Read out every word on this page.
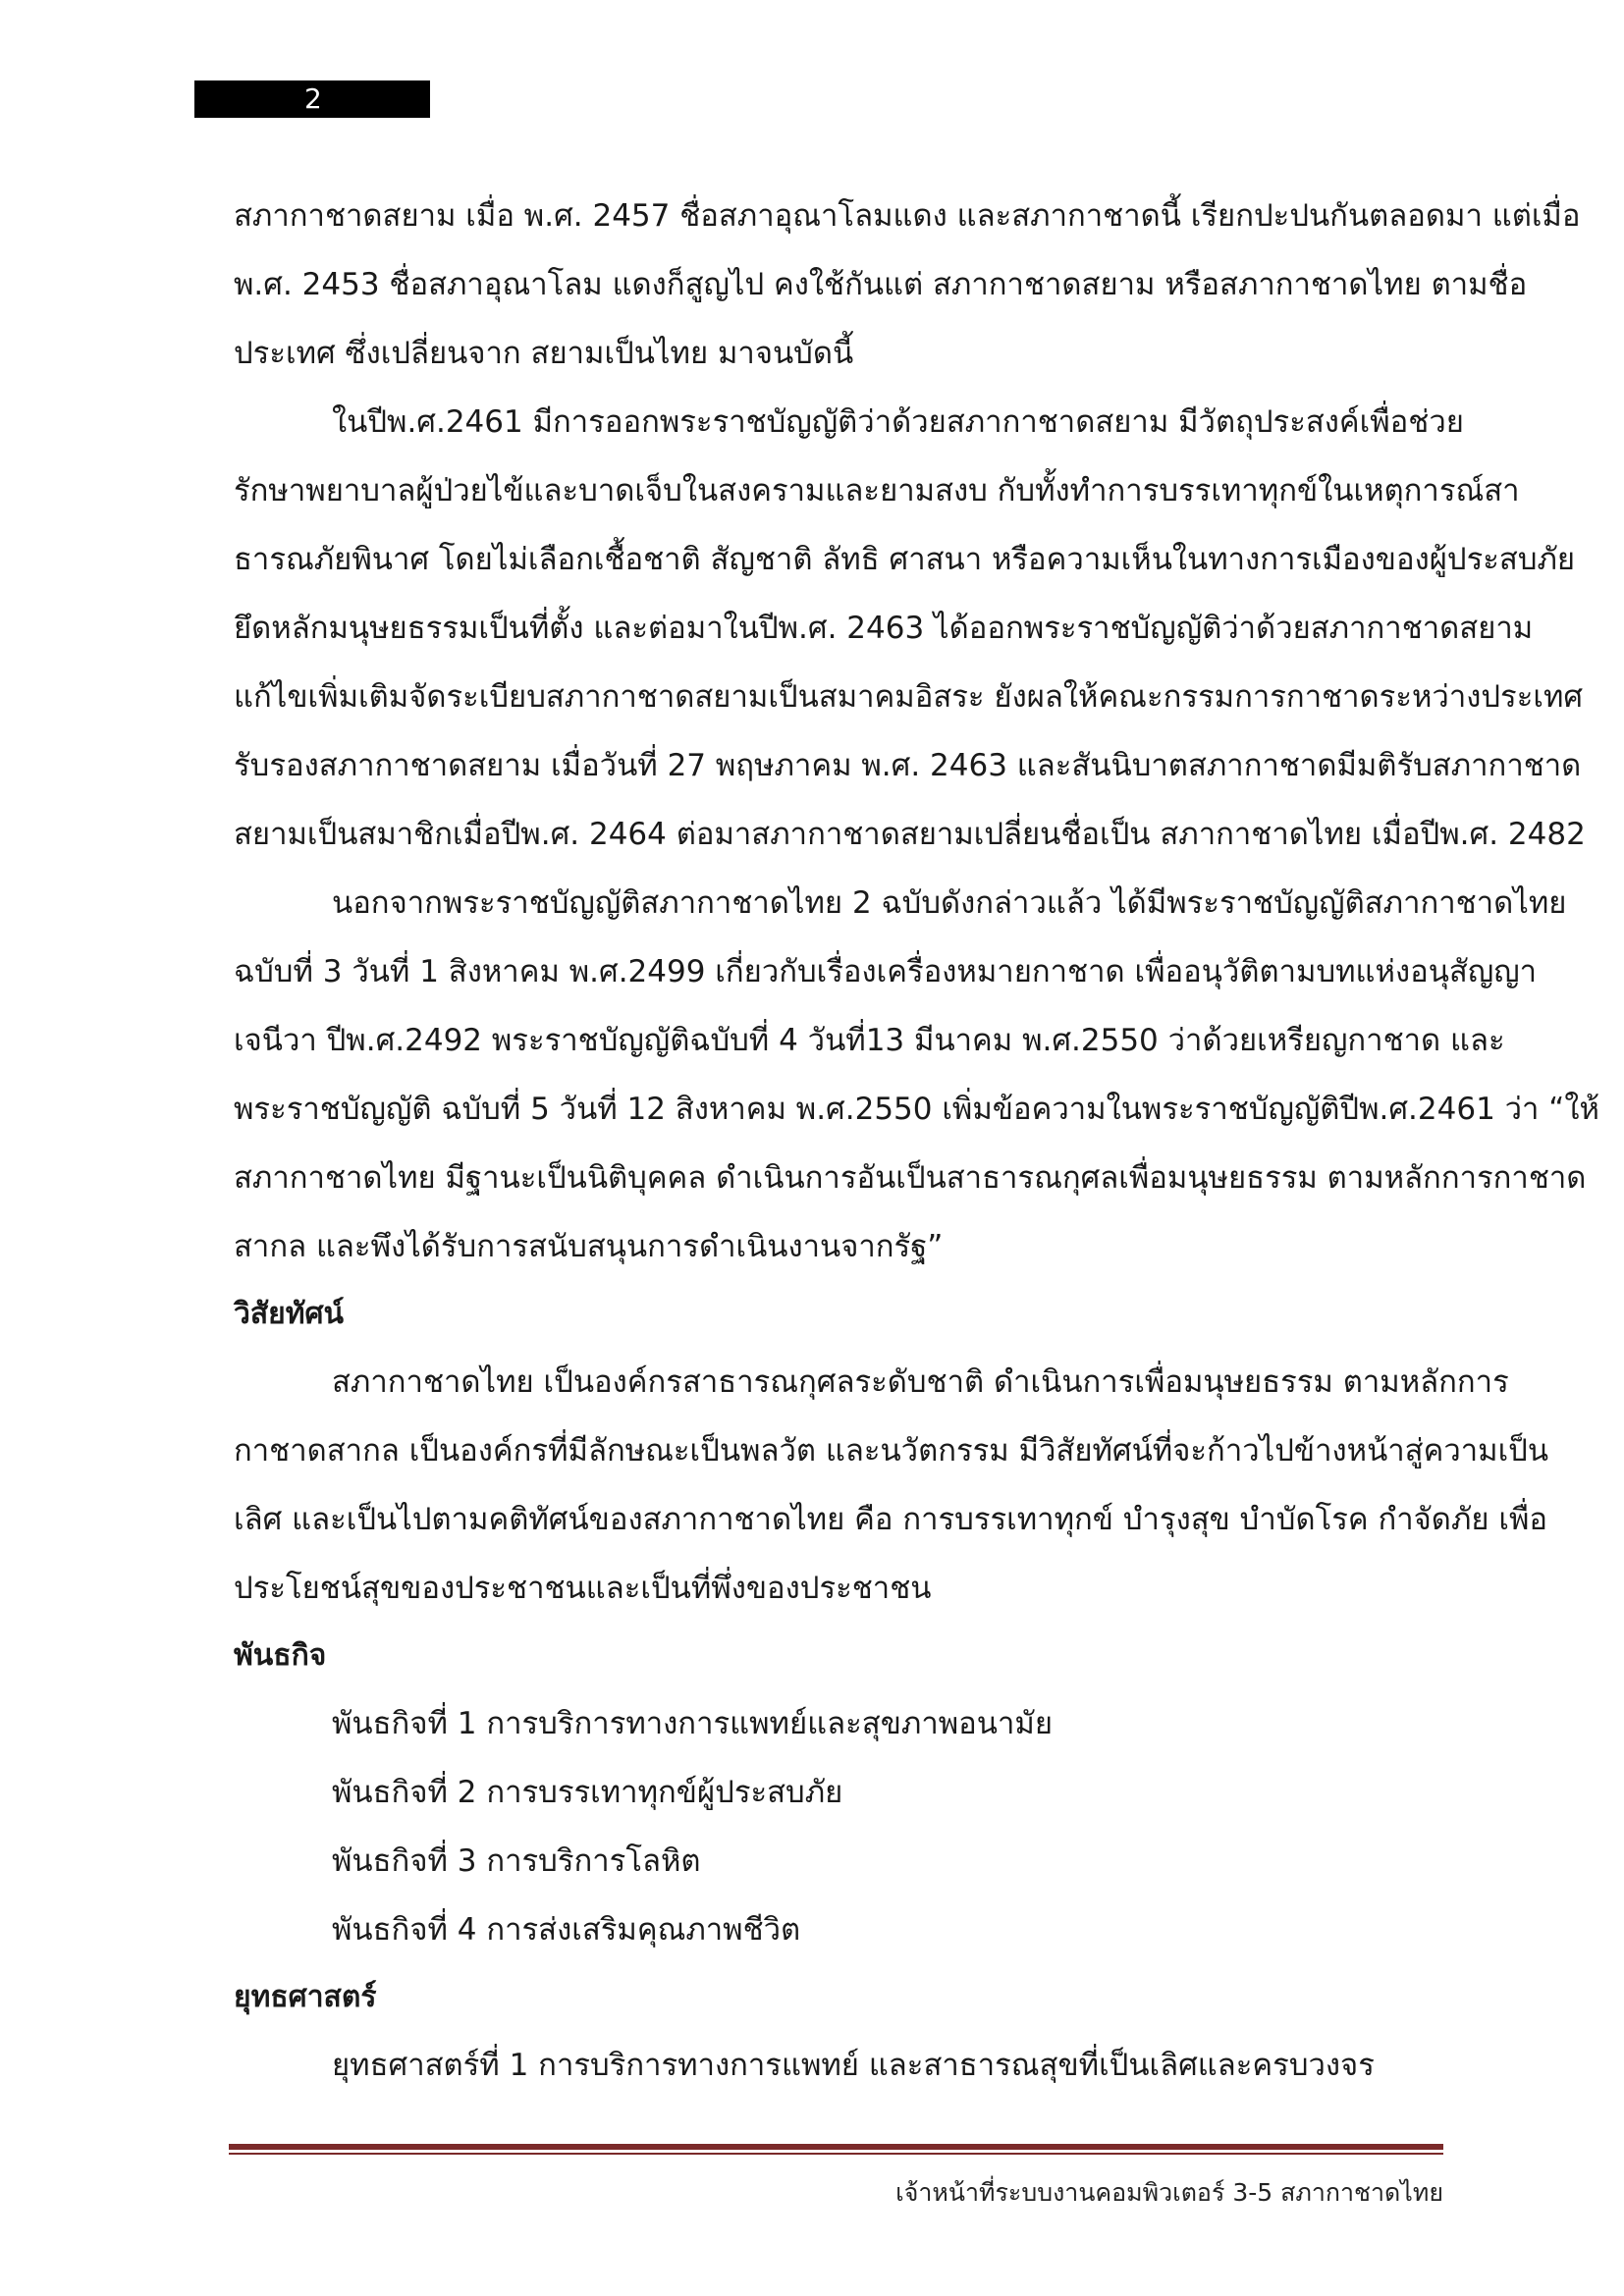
2
สภากาชาดสยาม เมื่อ พ.ศ. 2457 ชื่อสภาอุณาโลมแดง และสภากาชาดนี้ เรียกปะปนกันตลอดมา แต่เมื่อ
พ.ศ. 2453 ชื่อสภาอุณาโลม แดงก็สูญไป คงใช้กันแต่ สภากาชาดสยาม หรือสภากาชาดไทย ตามชื่อ
ประเทศ ซึ่งเปลี่ยนจาก สยามเป็นไทย มาจนบัดนี้
ในปีพ.ศ.2461 มีการออกพระราชบัญญัติว่าด้วยสภากาชาดสยาม มีวัตถุประสงค์เพื่อช่วย
รักษาพยาบาลผู้ป่วยไข้และบาดเจ็บในสงครามและยามสงบ กับทั้งทำการบรรเทาทุกข์ในเหตุการณ์สา
ธารณภัยพินาศ โดยไม่เลือกเชื้อชาติ สัญชาติ ลัทธิ ศาสนา หรือความเห็นในทางการเมืองของผู้ประสบภัย
ยึดหลักมนุษยธรรมเป็นที่ตั้ง และต่อมาในปีพ.ศ. 2463 ได้ออกพระราชบัญญัติว่าด้วยสภากาชาดสยาม
แก้ไขเพิ่มเติมจัดระเบียบสภากาชาดสยามเป็นสมาคมอิสระ ยังผลให้คณะกรรมการกาชาดระหว่างประเทศ
รับรองสภากาชาดสยาม เมื่อวันที่ 27 พฤษภาคม พ.ศ. 2463 และสันนิบาตสภากาชาดมีมติรับสภากาชาด
สยามเป็นสมาชิกเมื่อปีพ.ศ. 2464 ต่อมาสภากาชาดสยามเปลี่ยนชื่อเป็น สภากาชาดไทย เมื่อปีพ.ศ. 2482
นอกจากพระราชบัญญัติสภากาชาดไทย 2 ฉบับดังกล่าวแล้ว ได้มีพระราชบัญญัติสภากาชาดไทย
ฉบับที่ 3 วันที่ 1 สิงหาคม พ.ศ.2499 เกี่ยวกับเรื่องเครื่องหมายกาชาด เพื่ออนุวัติตามบทแห่งอนุสัญญา
เจนีวา ปีพ.ศ.2492 พระราชบัญญัติฉบับที่ 4 วันที่13 มีนาคม พ.ศ.2550 ว่าด้วยเหรียญกาชาด และ
พระราชบัญญัติ ฉบับที่ 5 วันที่ 12 สิงหาคม พ.ศ.2550 เพิ่มข้อความในพระราชบัญญัติปีพ.ศ.2461 ว่า “ให้
สภากาชาดไทย มีฐานะเป็นนิติบุคคล ดำเนินการอันเป็นสาธารณกุศลเพื่อมนุษยธรรม ตามหลักการกาชาด
สากล และพึงได้รับการสนับสนุนการดำเนินงานจากรัฐ”
วิสัยทัศน์
สภากาชาดไทย เป็นองค์กรสาธารณกุศลระดับชาติ ดำเนินการเพื่อมนุษยธรรม ตามหลักการ
กาชาดสากล เป็นองค์กรที่มีลักษณะเป็นพลวัต และนวัตกรรม มีวิสัยทัศน์ที่จะก้าวไปข้างหน้าสู่ความเป็น
เลิศ และเป็นไปตามคติทัศน์ของสภากาชาดไทย คือ การบรรเทาทุกข์ บำรุงสุข บำบัดโรค กำจัดภัย เพื่อ
ประโยชน์สุขของประชาชนและเป็นที่พึ่งของประชาชน
พันธกิจ
พันธกิจที่ 1 การบริการทางการแพทย์และสุขภาพอนามัย
พันธกิจที่ 2 การบรรเทาทุกข์ผู้ประสบภัย
พันธกิจที่ 3 การบริการโลหิต
พันธกิจที่ 4 การส่งเสริมคุณภาพชีวิต
ยุทธศาสตร์
ยุทธศาสตร์ที่ 1 การบริการทางการแพทย์ และสาธารณสุขที่เป็นเลิศและครบวงจร
เจ้าหน้าที่ระบบงานคอมพิวเตอร์ 3-5 สภากาชาดไทย
